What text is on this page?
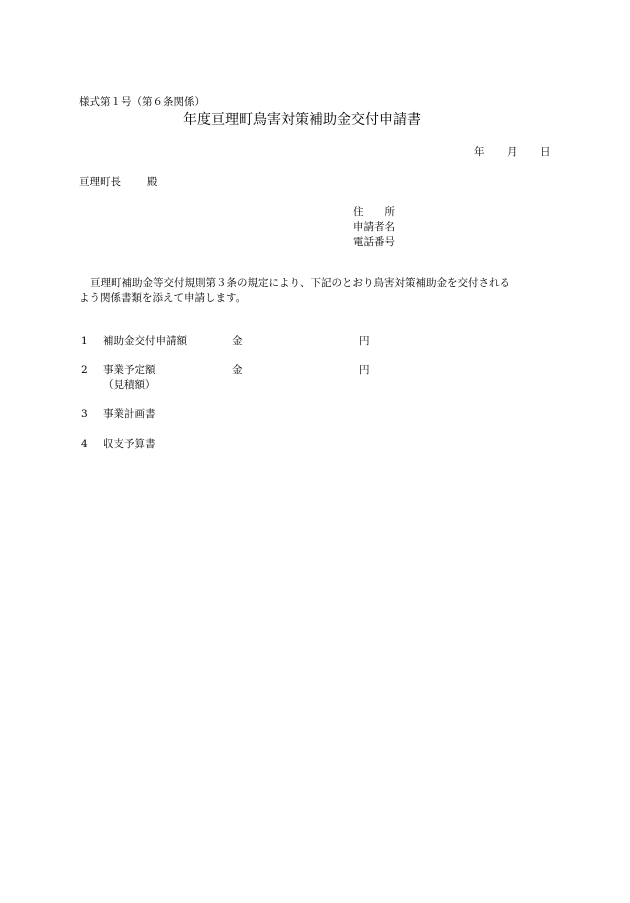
様式第１号（第６条関係）
年度亘理町鳥害対策補助金交付申請書
年 月 日
亘理町長 殿
住　　所
申請者名
電話番号
亘理町補助金等交付規則第３条の規定により、下記のとおり鳥害対策補助金を交付される
よう関係書類を添えて申請します。
1 補助金交付申請額	金	円
2 事業予定額	金	円
（見積額）
3 事業計画書
4 収支予算書
